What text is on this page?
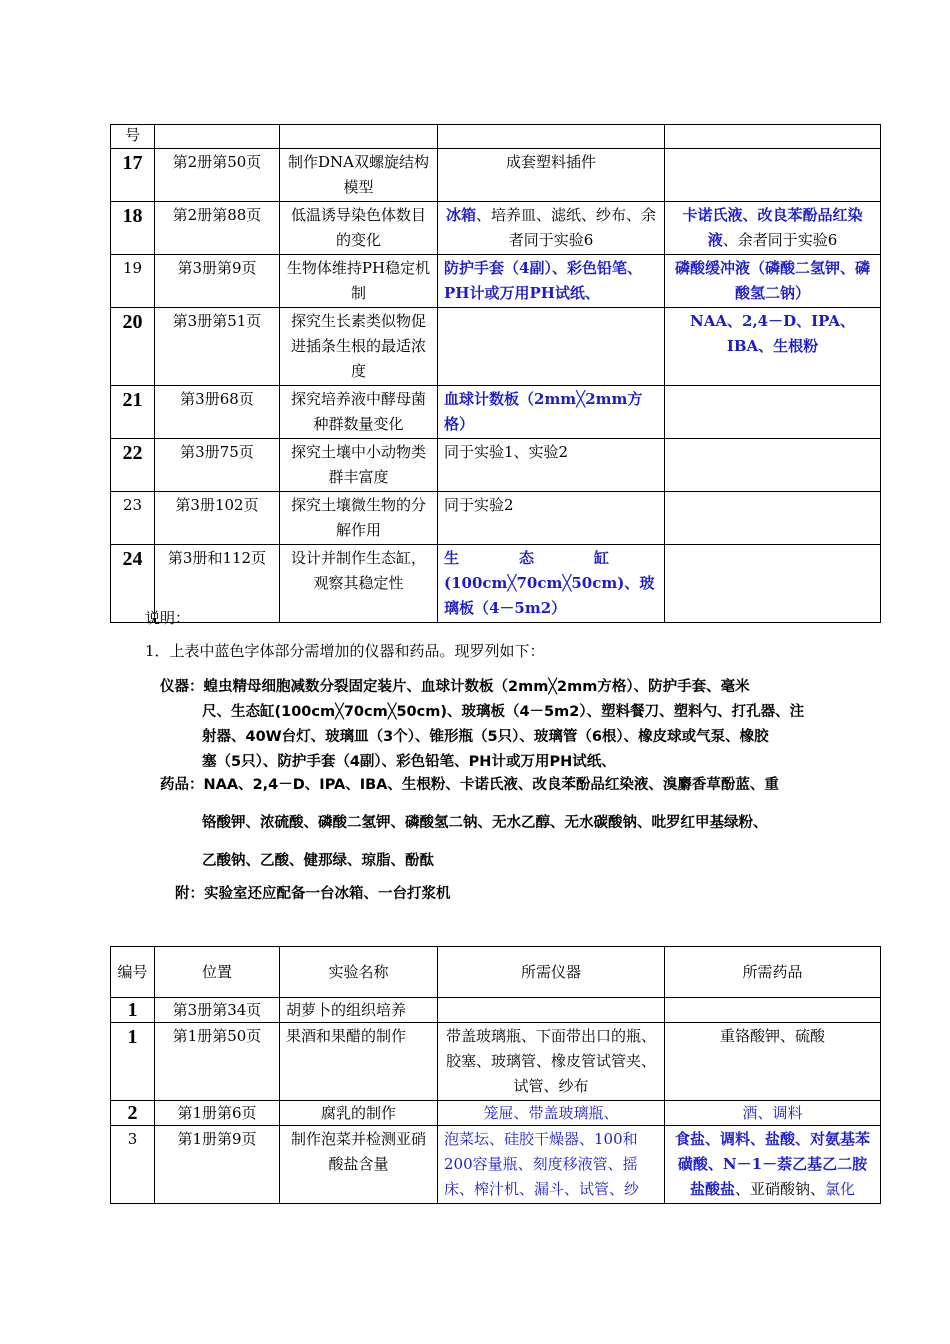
号				
17	第2册第50页	制作DNA双螺旋结构模型	成套塑料插件	
18	第2册第88页	低温诱导染色体数目的变化	冰箱、培养皿、滤纸、纱布、余者同于实验6	卡诺氏液、改良苯酚品红染液、余者同于实验6
19	第3册第9页	生物体维持PH稳定机制	防护手套（4副）、彩色铅笔、PH计或万用PH试纸、	磷酸缓冲液（磷酸二氢钾、磷酸氢二钠）
20	第3册第51页	探究生长素类似物促进插条生根的最适浓度		NAA、2,4－D、IPA、IBA、生根粉
21	第3册68页	探究培养液中酵母菌种群数量变化	血球计数板（2mm╳2mm方格）	
22	第3册75页	探究土壤中小动物类群丰富度	同于实验1、实验2	
23	第3册102页	探究土壤微生物的分解作用	同于实验2	
24	第3册和112页	设计并制作生态缸，观察其稳定性	生　　　　态　　　　缸
(100cm╳70cm╳50cm)、玻璃板（4－5m2）	

说明：
1．上表中蓝色字体部分需增加的仪器和药品。现罗列如下：
仪器：蝗虫精母细胞减数分裂固定装片、血球计数板（2mm╳2mm方格）、防护手套、毫米
尺、生态缸(100cm╳70cm╳50cm)、玻璃板（4－5m2）、塑料餐刀、塑料勺、打孔器、注
射器、40W台灯、玻璃皿（3个）、锥形瓶（5只）、玻璃管（6根）、橡皮球或气泵、橡胶
塞（5只）、防护手套（4副）、彩色铅笔、PH计或万用PH试纸、
药品：NAA、2,4－D、IPA、IBA、生根粉、卡诺氏液、改良苯酚品红染液、溴麝香草酚蓝、重
铬酸钾、浓硫酸、磷酸二氢钾、磷酸氢二钠、无水乙醇、无水碳酸钠、吡罗红甲基绿粉、
乙酸钠、乙酸、健那绿、琼脂、酚酞
附：实验室还应配备一台冰箱、一台打浆机
编号	位置	实验名称	所需仪器	所需药品
1	第3册第34页	胡萝卜的组织培养		
1	第1册第50页	果酒和果醋的制作	带盖玻璃瓶、下面带出口的瓶、胶塞、玻璃管、橡皮管试管夹、试管、纱布	重铬酸钾、硫酸
2	第1册第6页	腐乳的制作	笼屉、带盖玻璃瓶、	酒、调料
3	第1册第9页	制作泡菜并检测亚硝酸盐含量	泡菜坛、硅胶干燥器、100和200容量瓶、刻度移液管、摇床、榨汁机、漏斗、试管、纱	食盐、调料、盐酸、对氨基苯磺酸、N－1－萘乙基乙二胺盐酸盐、亚硝酸钠、氯化
